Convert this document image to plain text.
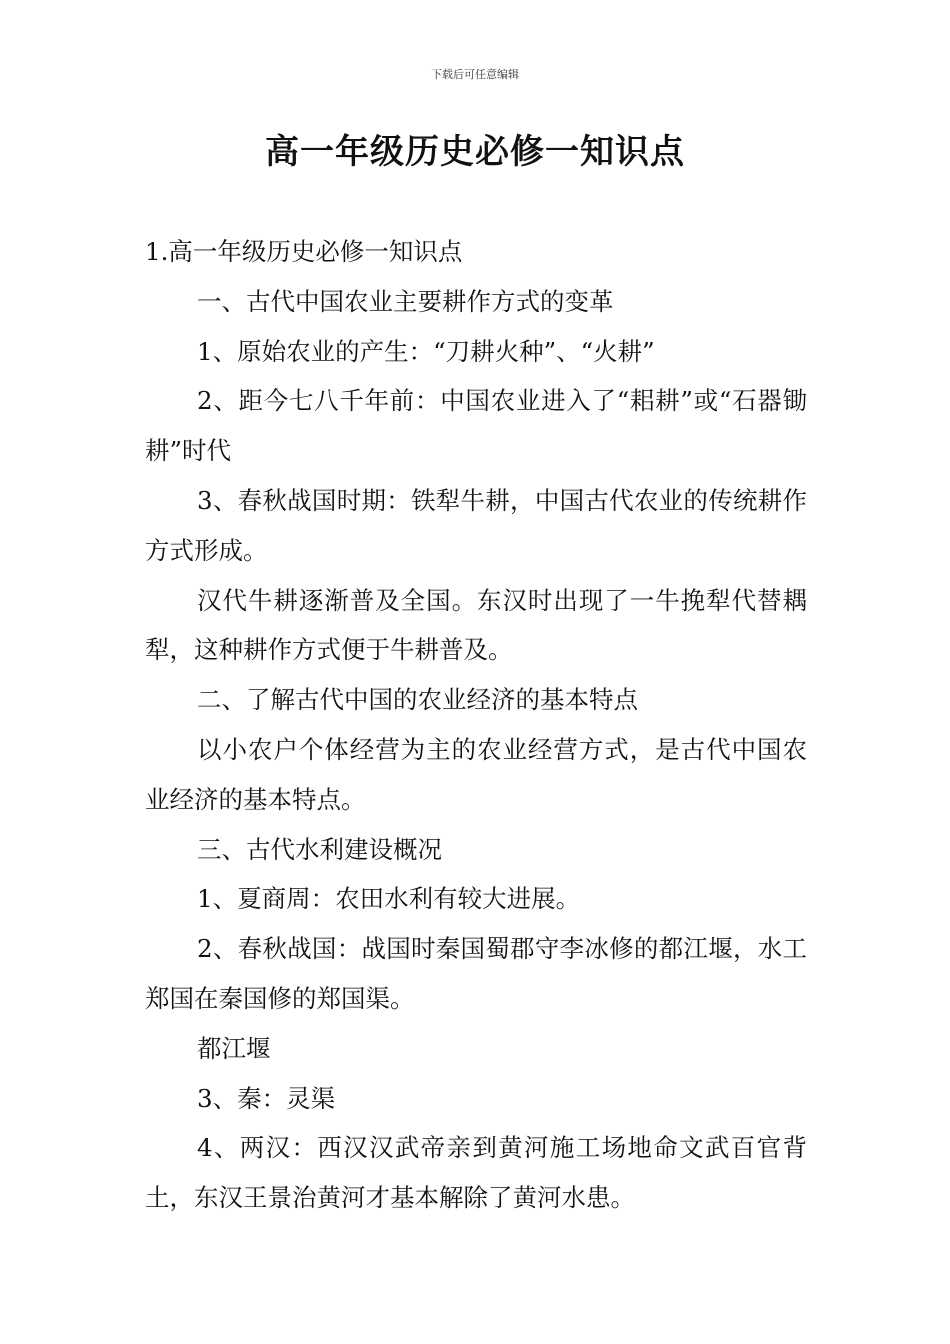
下载后可任意编辑
高一年级历史必修一知识点

1.高一年级历史必修一知识点

一、古代中国农业主要耕作方式的变革

1、原始农业的产生：“刀耕火种”、“火耕”

2、距今七八千年前：中国农业进入了“耜耕”或“石器锄耕”时代

3、春秋战国时期：铁犁牛耕，中国古代农业的传统耕作方式形成。

汉代牛耕逐渐普及全国。东汉时出现了一牛挽犁代替耦犁，这种耕作方式便于牛耕普及。

二、了解古代中国的农业经济的基本特点

以小农户个体经营为主的农业经营方式，是古代中国农业经济的基本特点。

三、古代水利建设概况

1、夏商周：农田水利有较大进展。

2、春秋战国：战国时秦国蜀郡守李冰修的都江堰，水工郑国在秦国修的郑国渠。

都江堰

3、秦：灵渠

4、两汉：西汉汉武帝亲到黄河施工场地命文武百官背土，东汉王景治黄河才基本解除了黄河水患。
